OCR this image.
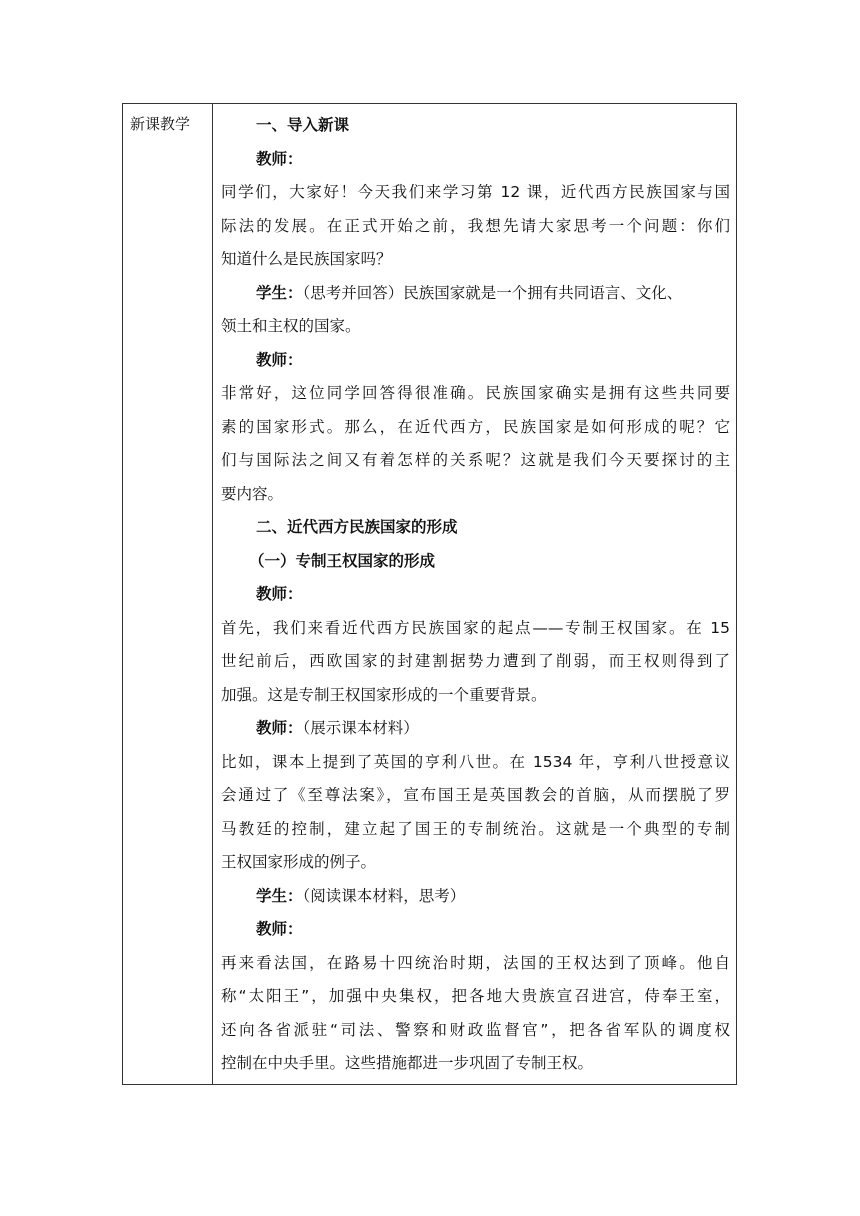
新课教学	一、导入新课
教师：
同学们，大家好！今天我们来学习第 12 课，近代西方民族国家与国
际法的发展。在正式开始之前，我想先请大家思考一个问题：你们
知道什么是民族国家吗？
学生：（思考并回答）民族国家就是一个拥有共同语言、文化、
领土和主权的国家。
教师：
非常好，这位同学回答得很准确。民族国家确实是拥有这些共同要
素的国家形式。那么，在近代西方，民族国家是如何形成的呢？它
们与国际法之间又有着怎样的关系呢？这就是我们今天要探讨的主
要内容。
二、近代西方民族国家的形成
（一）专制王权国家的形成
教师：
首先，我们来看近代西方民族国家的起点——专制王权国家。在 15
世纪前后，西欧国家的封建割据势力遭到了削弱，而王权则得到了
加强。这是专制王权国家形成的一个重要背景。
教师：（展示课本材料）
比如，课本上提到了英国的亨利八世。在 1534 年，亨利八世授意议
会通过了《至尊法案》，宣布国王是英国教会的首脑，从而摆脱了罗
马教廷的控制，建立起了国王的专制统治。这就是一个典型的专制
王权国家形成的例子。
学生：（阅读课本材料，思考）
教师：
再来看法国，在路易十四统治时期，法国的王权达到了顶峰。他自
称“太阳王”，加强中央集权，把各地大贵族宣召进宫，侍奉王室，
还向各省派驻“司法、警察和财政监督官”，把各省军队的调度权
控制在中央手里。这些措施都进一步巩固了专制王权。
